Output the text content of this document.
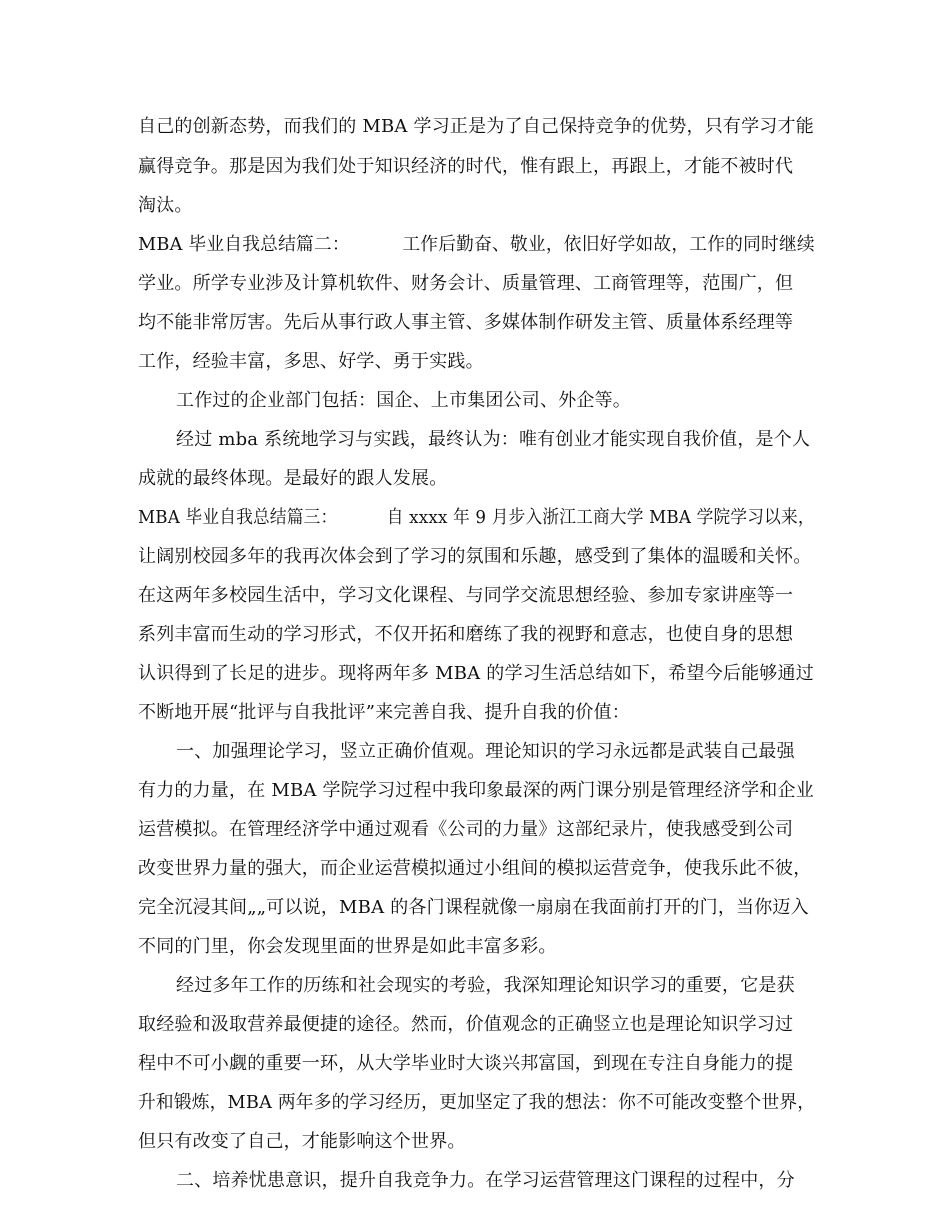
自己的创新态势，而我们的 MBA 学习正是为了自己保持竞争的优势，只有学习才能
赢得竞争。那是因为我们处于知识经济的时代，惟有跟上，再跟上，才能不被时代
淘汰。
MBA 毕业自我总结篇二：         工作后勤奋、敬业，依旧好学如故，工作的同时继续
学业。所学专业涉及计算机软件、财务会计、质量管理、工商管理等，范围广，但
均不能非常厉害。先后从事行政人事主管、多媒体制作研发主管、质量体系经理等
工作，经验丰富，多思、好学、勇于实践。
工作过的企业部门包括：国企、上市集团公司、外企等。
经过 mba 系统地学习与实践，最终认为：唯有创业才能实现自我价值，是个人
成就的最终体现。是最好的跟人发展。
MBA 毕业自我总结篇三：         自 xxxx 年 9 月步入浙江工商大学 MBA 学院学习以来，
让阔别校园多年的我再次体会到了学习的氛围和乐趣，感受到了集体的温暖和关怀。
在这两年多校园生活中，学习文化课程、与同学交流思想经验、参加专家讲座等一
系列丰富而生动的学习形式，不仅开拓和磨练了我的视野和意志，也使自身的思想
认识得到了长足的进步。现将两年多 MBA 的学习生活总结如下，希望今后能够通过
不断地开展“批评与自我批评”来完善自我、提升自我的价值：
一、加强理论学习，竖立正确价值观。理论知识的学习永远都是武装自己最强
有力的力量，在 MBA 学院学习过程中我印象最深的两门课分别是管理经济学和企业
运营模拟。在管理经济学中通过观看《公司的力量》这部纪录片，使我感受到公司
改变世界力量的强大，而企业运营模拟通过小组间的模拟运营竞争，使我乐此不彼，
完全沉浸其间„„可以说，MBA 的各门课程就像一扇扇在我面前打开的门，当你迈入
不同的门里，你会发现里面的世界是如此丰富多彩。
经过多年工作的历练和社会现实的考验，我深知理论知识学习的重要，它是获
取经验和汲取营养最便捷的途径。然而，价值观念的正确竖立也是理论知识学习过
程中不可小觑的重要一环，从大学毕业时大谈兴邦富国，到现在专注自身能力的提
升和锻炼，MBA 两年多的学习经历，更加坚定了我的想法：你不可能改变整个世界，
但只有改变了自己，才能影响这个世界。
二、培养忧患意识，提升自我竞争力。在学习运营管理这门课程的过程中，分
